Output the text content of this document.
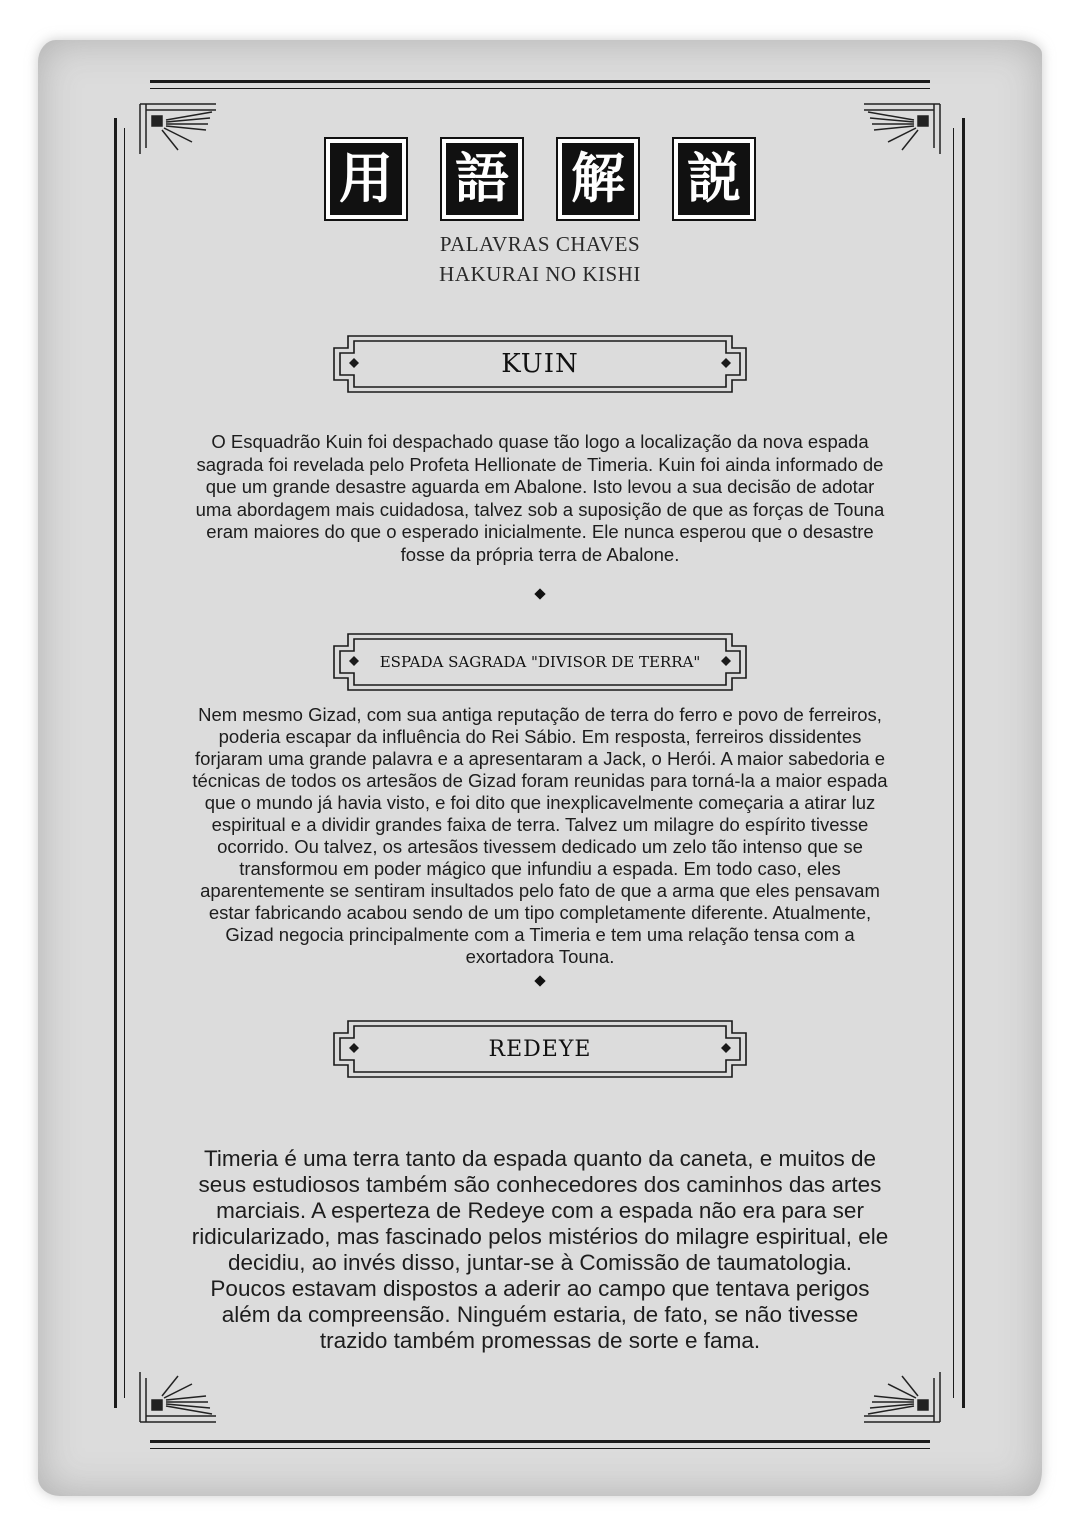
用 語 解 説
PALAVRAS CHAVES
HAKURAI NO KISHI
KUIN
O Esquadrão Kuin foi despachado quase tão logo a localização da nova espada sagrada foi revelada pelo Profeta Hellionate de Timeria. Kuin foi ainda informado de que um grande desastre aguarda em Abalone. Isto levou a sua decisão de adotar uma abordagem mais cuidadosa, talvez sob a suposição de que as forças de Touna eram maiores do que o esperado inicialmente. Ele nunca esperou que o desastre fosse da própria terra de Abalone.
ESPADA SAGRADA "DIVISOR DE TERRA"
Nem mesmo Gizad, com sua antiga reputação de terra do ferro e povo de ferreiros, poderia escapar da influência do Rei Sábio. Em resposta, ferreiros dissidentes forjaram uma grande palavra e a apresentaram a Jack, o Herói. A maior sabedoria e técnicas de todos os artesãos de Gizad foram reunidas para torná-la a maior espada que o mundo já havia visto, e foi dito que inexplicavelmente começaria a atirar luz espiritual e a dividir grandes faixa de terra. Talvez um milagre do espírito tivesse ocorrido. Ou talvez, os artesãos tivessem dedicado um zelo tão intenso que se transformou em poder mágico que infundiu a espada. Em todo caso, eles aparentemente se sentiram insultados pelo fato de que a arma que eles pensavam estar fabricando acabou sendo de um tipo completamente diferente. Atualmente, Gizad negocia principalmente com a Timeria e tem uma relação tensa com a exortadora Touna.
REDEYE
Timeria é uma terra tanto da espada quanto da caneta, e muitos de seus estudiosos também são conhecedores dos caminhos das artes marciais. A esperteza de Redeye com a espada não era para ser ridicularizado, mas fascinado pelos mistérios do milagre espiritual, ele decidiu, ao invés disso, juntar-se à Comissão de taumatologia. Poucos estavam dispostos a aderir ao campo que tentava perigos além da compreensão. Ninguém estaria, de fato, se não tivesse trazido também promessas de sorte e fama.
